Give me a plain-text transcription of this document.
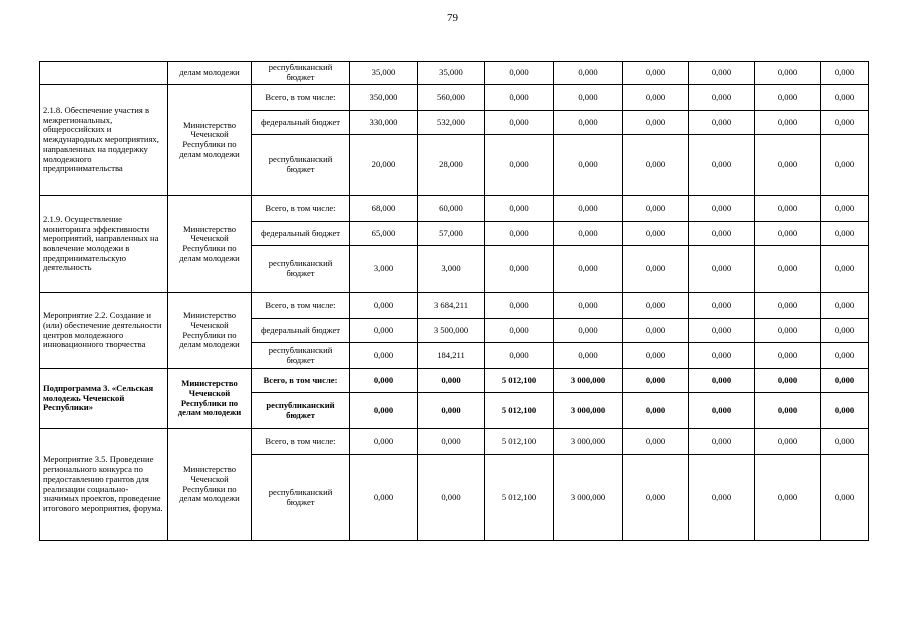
79
	делам молодежи	республиканский бюджет	35,000	35,000	0,000	0,000	0,000	0,000	0,000	0,000
2.1.8. Обеспечение участия в межрегиональных, общероссийских и международных мероприятиях, направленных на поддержку молодежного предпринимательства	Министерство Чеченской Республики по делам молодежи	Всего, в том числе:	350,000	560,000	0,000	0,000	0,000	0,000	0,000	0,000
		федеральный бюджет	330,000	532,000	0,000	0,000	0,000	0,000	0,000	0,000
		республиканский бюджет	20,000	28,000	0,000	0,000	0,000	0,000	0,000	0,000
2.1.9. Осуществление мониторинга эффективности мероприятий, направленных на вовлечение молодежи в предпринимательскую деятельность	Министерство Чеченской Республики по делам молодежи	Всего, в том числе:	68,000	60,000	0,000	0,000	0,000	0,000	0,000	0,000
		федеральный бюджет	65,000	57,000	0,000	0,000	0,000	0,000	0,000	0,000
		республиканский бюджет	3,000	3,000	0,000	0,000	0,000	0,000	0,000	0,000
Мероприятие 2.2. Создание и (или) обеспечение деятельности центров молодежного инновационного творчества	Министерство Чеченской Республики по делам молодежи	Всего, в том числе:	0,000	3 684,211	0,000	0,000	0,000	0,000	0,000	0,000
		федеральный бюджет	0,000	3 500,000	0,000	0,000	0,000	0,000	0,000	0,000
		республиканский бюджет	0,000	184,211	0,000	0,000	0,000	0,000	0,000	0,000
Подпрограмма 3. «Сельская молодежь Чеченской Республики»	Министерство Чеченской Республики по делам молодежи	Всего, в том числе:	0,000	0,000	5 012,100	3 000,000	0,000	0,000	0,000	0,000
		республиканский бюджет	0,000	0,000	5 012,100	3 000,000	0,000	0,000	0,000	0,000
Мероприятие 3.5. Проведение регионального конкурса по предоставлению грантов для реализации социально-значимых проектов, проведение итогового мероприятия, форума.	Министерство Чеченской Республики по делам молодежи	Всего, в том числе:	0,000	0,000	5 012,100	3 000,000	0,000	0,000	0,000	0,000
		республиканский бюджет	0,000	0,000	5 012,100	3 000,000	0,000	0,000	0,000	0,000
